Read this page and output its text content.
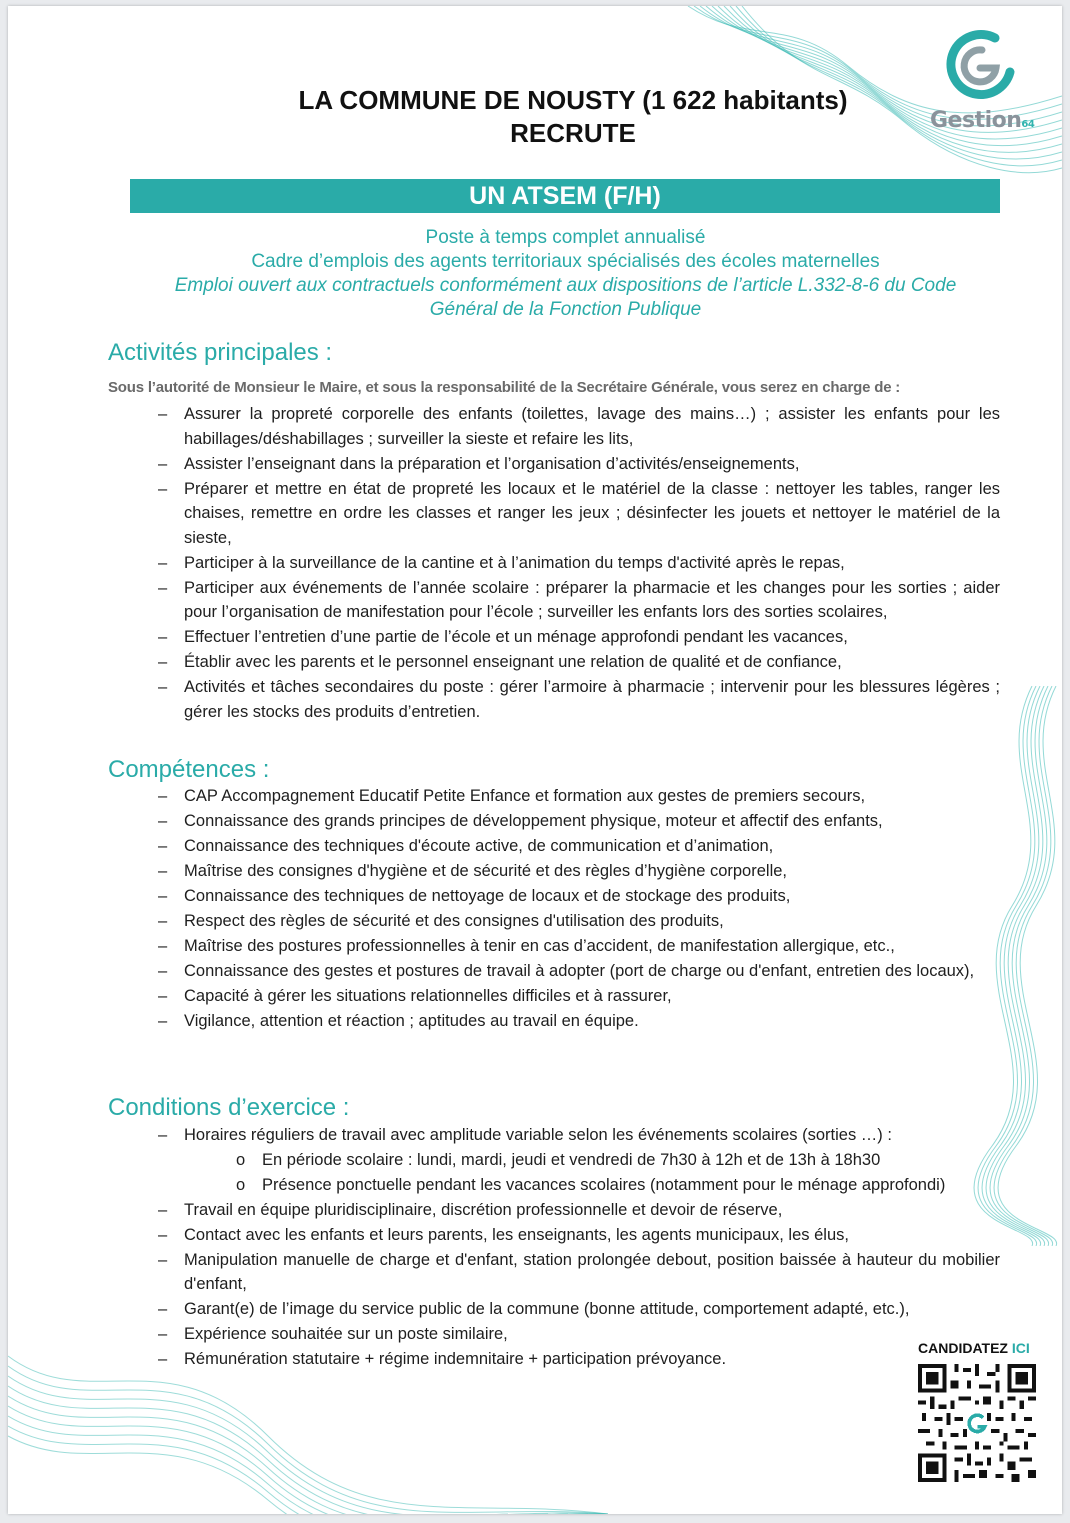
Gestion64
LA COMMUNE DE NOUSTY (1 622 habitants)
RECRUTE
UN ATSEM (F/H)
Poste à temps complet annualisé
Cadre d’emplois des agents territoriaux spécialisés des écoles maternelles
Emploi ouvert aux contractuels conformément aux dispositions de l’article L.332-8-6 du Code
Général de la Fonction Publique
Activités principales :
Sous l’autorité de Monsieur le Maire, et sous la responsabilité de la Secrétaire Générale, vous serez en charge de :
– Assurer la propreté corporelle des enfants (toilettes, lavage des mains…) ; assister les enfants pour les habillages/déshabillages ; surveiller la sieste et refaire les lits,
– Assister l’enseignant dans la préparation et l’organisation d’activités/enseignements,
– Préparer et mettre en état de propreté les locaux et le matériel de la classe : nettoyer les tables, ranger les chaises, remettre en ordre les classes et ranger les jeux ; désinfecter les jouets et nettoyer le matériel de la sieste,
– Participer à la surveillance de la cantine et à l’animation du temps d'activité après le repas,
– Participer aux événements de l’année scolaire : préparer la pharmacie et les changes pour les sorties ; aider pour l’organisation de manifestation pour l’école ; surveiller les enfants lors des sorties scolaires,
– Effectuer l’entretien d’une partie de l’école et un ménage approfondi pendant les vacances,
– Établir avec les parents et le personnel enseignant une relation de qualité et de confiance,
– Activités et tâches secondaires du poste : gérer l’armoire à pharmacie ; intervenir pour les blessures légères ; gérer les stocks des produits d’entretien.
Compétences :
– CAP Accompagnement Educatif Petite Enfance et formation aux gestes de premiers secours,
– Connaissance des grands principes de développement physique, moteur et affectif des enfants,
– Connaissance des techniques d'écoute active, de communication et d’animation,
– Maîtrise des consignes d'hygiène et de sécurité et des règles d’hygiène corporelle,
– Connaissance des techniques de nettoyage de locaux et de stockage des produits,
– Respect des règles de sécurité et des consignes d'utilisation des produits,
– Maîtrise des postures professionnelles à tenir en cas d’accident, de manifestation allergique, etc.,
– Connaissance des gestes et postures de travail à adopter (port de charge ou d'enfant, entretien des locaux),
– Capacité à gérer les situations relationnelles difficiles et à rassurer,
– Vigilance, attention et réaction ; aptitudes au travail en équipe.
Conditions d’exercice :
– Horaires réguliers de travail avec amplitude variable selon les événements scolaires (sorties …) :
o En période scolaire : lundi, mardi, jeudi et vendredi de 7h30 à 12h et de 13h à 18h30
o Présence ponctuelle pendant les vacances scolaires (notamment pour le ménage approfondi)
– Travail en équipe pluridisciplinaire, discrétion professionnelle et devoir de réserve,
– Contact avec les enfants et leurs parents, les enseignants, les agents municipaux, les élus,
– Manipulation manuelle de charge et d'enfant, station prolongée debout, position baissée à hauteur du mobilier d'enfant,
– Garant(e) de l’image du service public de la commune (bonne attitude, comportement adapté, etc.),
– Expérience souhaitée sur un poste similaire,
– Rémunération statutaire + régime indemnitaire + participation prévoyance.
CANDIDATEZ ICI
